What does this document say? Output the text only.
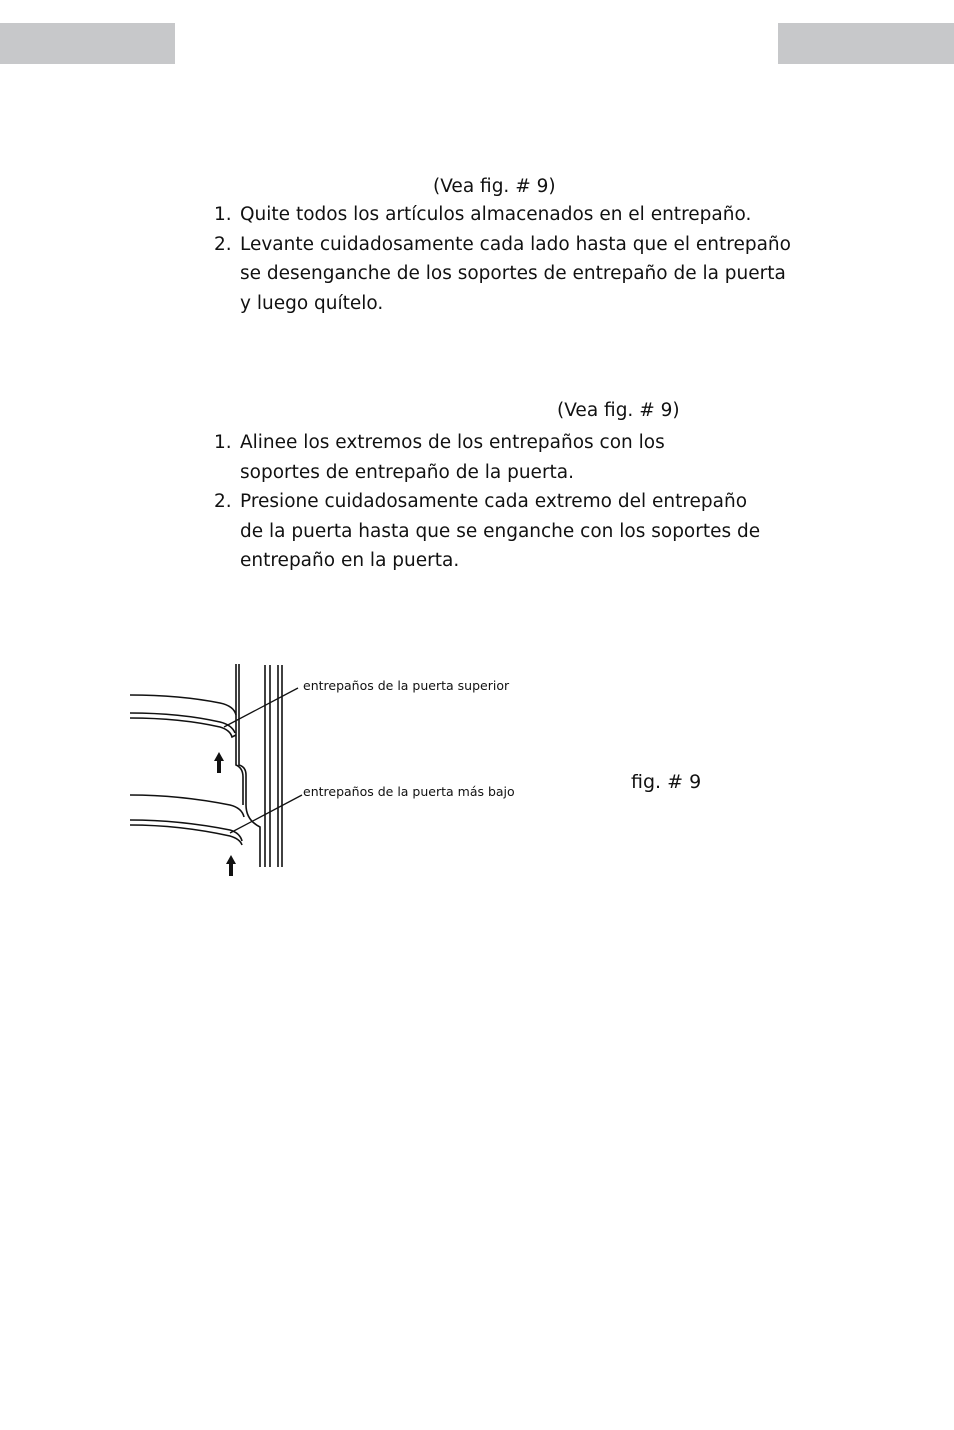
(Vea fig. # 9)
1. Quite todos los artículos almacenados en el entrepaño.
2. Levante cuidadosamente cada lado hasta que el entrepaño se desenganche de los soportes de entrepaño de la puerta y luego quítelo.
(Vea fig. # 9)
1. Alinee los extremos de los entrepaños con los soportes de entrepaño de la puerta.
2. Presione cuidadosamente cada extremo del entrepaño de la puerta hasta que se enganche con los soportes de entrepaño en la puerta.
entrepaños de la puerta superior
entrepaños de la puerta más bajo	fig. # 9
